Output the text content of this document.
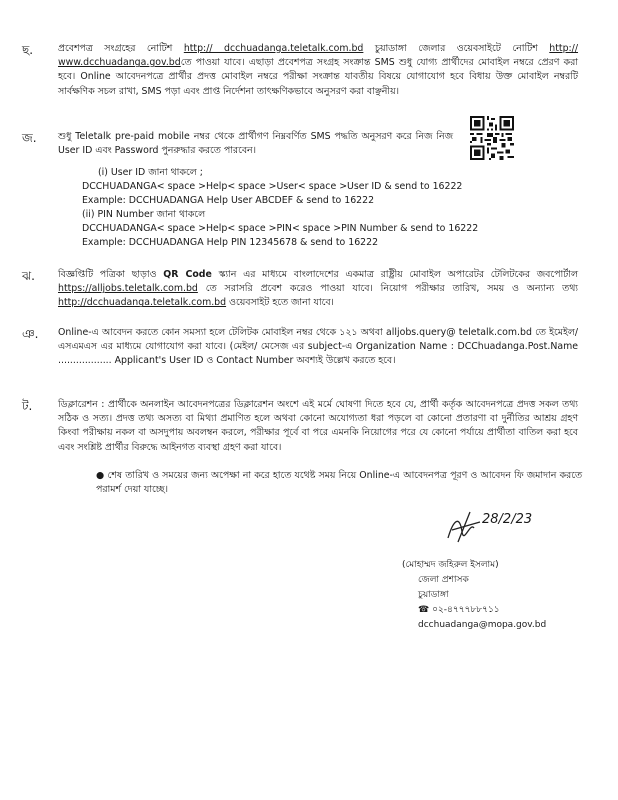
ছ.	প্রবেশপত্র সংগ্রহের নোটিশ http:// dcchuadanga.teletalk.com.bd চুয়াডাঙ্গা জেলার ওয়েবসাইটে নোটিশ http:// www.dcchuadanga.gov.bdতে পাওয়া যাবে। এছাড়া প্রবেশপত্র সংগ্রহ সংক্রান্ত SMS শুধু যোগ্য প্রার্থীদের মোবাইল নম্বরে প্রেরণ করা হবে। Online আবেদনপত্রে প্রার্থীর প্রদত্ত মোবাইল নম্বরে পরীক্ষা সংক্রান্ত যাবতীয় বিষয়ে যোগাযোগ হবে বিধায় উক্ত মোবাইল নম্বরটি সার্বক্ষণিক সচল রাখা, SMS পড়া এবং প্রাপ্ত নির্দেশনা তাৎক্ষণিকভাবে অনুসরণ করা বাঞ্ছনীয়।
জ. শুধু Teletalk pre-paid mobile নম্বর থেকে প্রার্থীগণ নিম্নবর্ণিত SMS পদ্ধতি অনুসরণ করে নিজ নিজ User ID এবং Password পুনরুদ্ধার করতে পারবেন।
(i) User ID জানা থাকলে ;
DCCHUADANGA< space >Help< space >User< space >User ID & send to 16222
Example: DCCHUADANGA Help User ABCDEF & send to 16222
(ii) PIN Number জানা থাকলে
DCCHUADANGA< space >Help< space >PIN< space >PIN Number & send to 16222
Example: DCCHUADANGA Help PIN 12345678 & send to 16222
ঝ. বিজ্ঞপ্তিটি পত্রিকা ছাড়াও QR Code স্ক্যান এর মাধ্যমে বাংলাদেশের একমাত্র রাষ্ট্রীয় মোবাইল অপারেটর টেলিটকের জবপোর্টাল https://alljobs.teletalk.com.bd তে সরাসরি প্রবেশ করেও পাওয়া যাবে। নিয়োগ পরীক্ষার তারিখ, সময় ও অন্যান্য তথ্য http://dcchuadanga.teletalk.com.bd ওয়েবসাইট হতে জানা যাবে।
ঞ. Online-এ আবেদন করতে কোন সমস্যা হলে টেলিটক মোবাইল নম্বর থেকে ১২১ অথবা alljobs.query@ teletalk.com.bd তে ইমেইল/এসএমএস এর মাধ্যমে যোগাযোগ করা যাবে। (মেইল/ মেসেজ এর subject-এ Organization Name : DCChuadanga.Post.Name .................. Applicant's User ID ও Contact Number অবশ্যই উল্লেখ করতে হবে।
ট.	ডিক্লারেশন : প্রার্থীকে অনলাইন আবেদনপত্রের ডিক্লারেশন অংশে এই মর্মে ঘোষণা দিতে হবে যে, প্রার্থী কর্তৃক আবেদনপত্রে প্রদত্ত সকল তথ্য সঠিক ও সত্য। প্রদত্ত তথ্য অসত্য বা মিথ্যা প্রমাণিত হলে অথবা কোনো অযোগ্যতা ধরা পড়লে বা কোনো প্রতারণা বা দুর্নীতির আশ্রয় গ্রহণ কিংবা পরীক্ষায় নকল বা অসদুপায় অবলম্বন করলে, পরীক্ষার পূর্বে বা পরে এমনকি নিয়োগের পরে যে কোনো পর্যায়ে প্রার্থীতা বাতিল করা হবে এবং সংশ্লিষ্ট প্রার্থীর বিরুদ্ধে আইনগত ব্যবস্থা গ্রহণ করা যাবে।
● শেষ তারিখ ও সময়ের জন্য অপেক্ষা না করে হাতে যথেষ্ট সময় নিয়ে Online-এ আবেদনপত্র পূরণ ও আবেদন ফি জমাদান করতে পরামর্শ দেয়া যাচ্ছে।
28/2/23
(মোহাম্মদ জহিরুল ইসলাম)
জেলা প্রশাসক
চুয়াডাঙ্গা
☎ ০২-৪৭৭৭৮৮৭১১
dcchuadanga@mopa.gov.bd
